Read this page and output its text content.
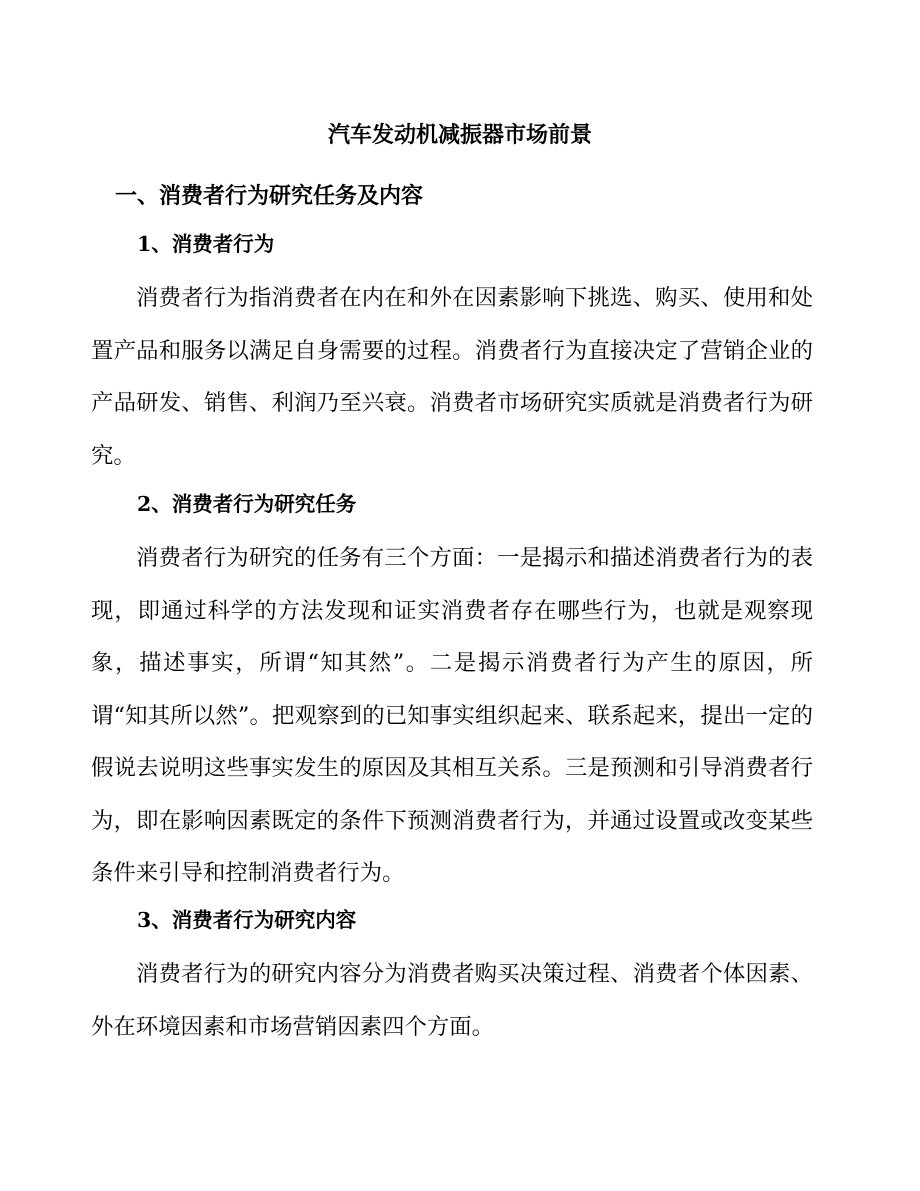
汽车发动机减振器市场前景
一、消费者行为研究任务及内容
1、消费者行为

消费者行为指消费者在内在和外在因素影响下挑选、购买、使用和处置产品和服务以满足自身需要的过程。消费者行为直接决定了营销企业的产品研发、销售、利润乃至兴衰。消费者市场研究实质就是消费者行为研究。

2、消费者行为研究任务

消费者行为研究的任务有三个方面：一是揭示和描述消费者行为的表现，即通过科学的方法发现和证实消费者存在哪些行为，也就是观察现象，描述事实，所谓“知其然”。二是揭示消费者行为产生的原因，所谓“知其所以然”。把观察到的已知事实组织起来、联系起来，提出一定的假说去说明这些事实发生的原因及其相互关系。三是预测和引导消费者行为，即在影响因素既定的条件下预测消费者行为，并通过设置或改变某些条件来引导和控制消费者行为。

3、消费者行为研究内容

消费者行为的研究内容分为消费者购买决策过程、消费者个体因素、外在环境因素和市场营销因素四个方面。
